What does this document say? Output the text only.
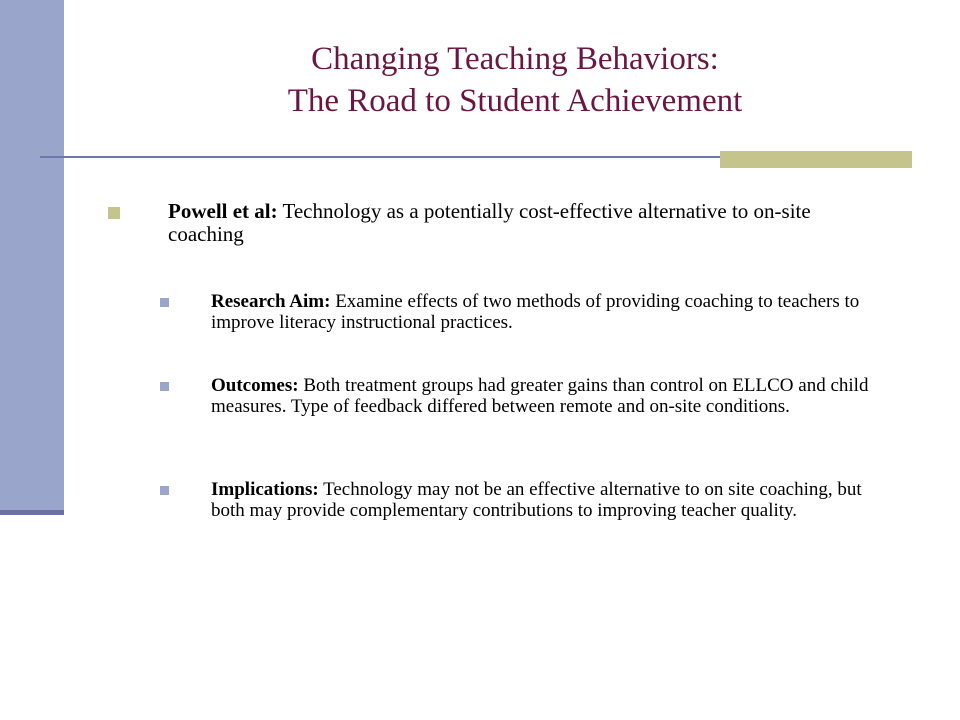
Changing Teaching Behaviors:
The Road to Student Achievement
Powell et al: Technology as a potentially cost-effective alternative to on-site coaching
Research Aim: Examine effects of two methods of providing coaching to teachers to improve literacy instructional practices.
Outcomes: Both treatment groups had greater gains than control on ELLCO and child measures. Type of feedback differed between remote and on-site conditions.
Implications: Technology may not be an effective alternative to on site coaching, but both may provide complementary contributions to improving teacher quality.
